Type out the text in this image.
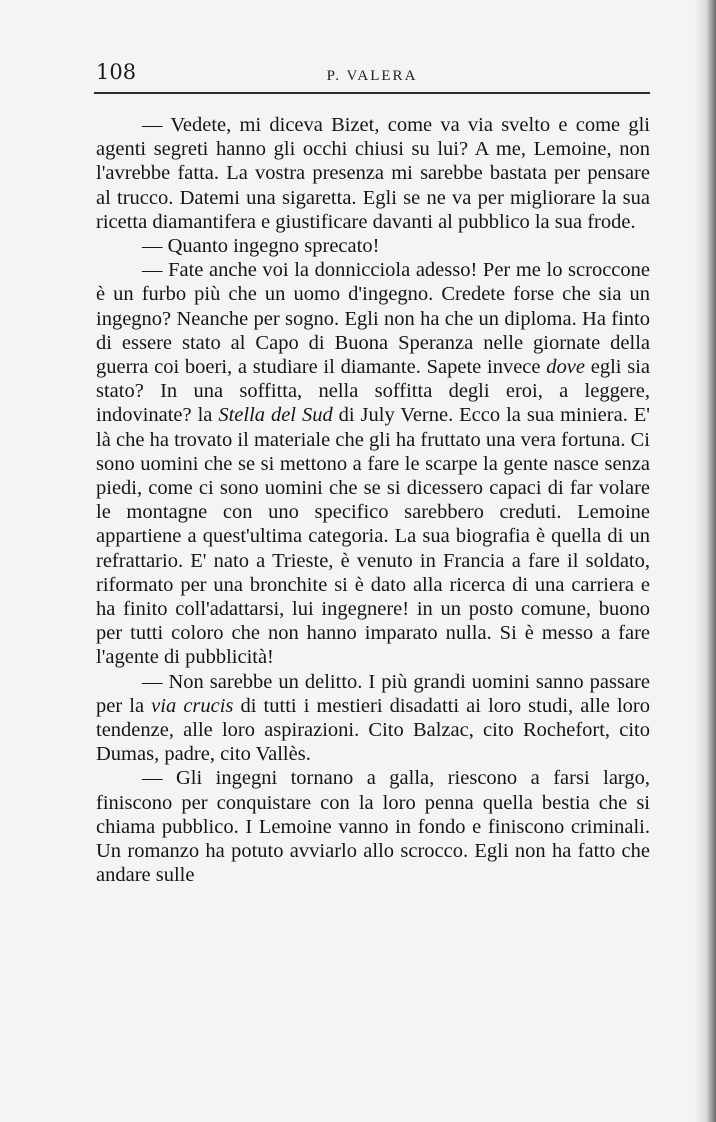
108	P. VALERA

— Vedete, mi diceva Bizet, come va via svelto e come gli agenti segreti hanno gli occhi chiusi su lui? A me, Lemoine, non l'avrebbe fatta. La vostra presenza mi sarebbe bastata per pensare al trucco. Datemi una sigaretta. Egli se ne va per migliorare la sua ricetta diamantifera e giustificare davanti al pubblico la sua frode.

— Quanto ingegno sprecato!

— Fate anche voi la donnicciola adesso! Per me lo scroccone è un furbo più che un uomo d'ingegno. Credete forse che sia un ingegno? Neanche per sogno. Egli non ha che un diploma. Ha finto di essere stato al Capo di Buona Speranza nelle giornate della guerra coi boeri, a studiare il diamante. Sapete invece dove egli sia stato? In una soffitta, nella soffitta degli eroi, a leggere, indovinate? la Stella del Sud di July Verne. Ecco la sua miniera. E' là che ha trovato il materiale che gli ha fruttato una vera fortuna. Ci sono uomini che se si mettono a fare le scarpe la gente nasce senza piedi, come ci sono uomini che se si dicessero capaci di far volare le montagne con uno specifico sarebbero creduti. Lemoine appartiene a quest'ultima categoria. La sua biografia è quella di un refrattario. E' nato a Trieste, è venuto in Francia a fare il soldato, riformato per una bronchite si è dato alla ricerca di una carriera e ha finito coll'adattarsi, lui ingegnere! in un posto comune, buono per tutti coloro che non hanno imparato nulla. Si è messo a fare l'agente di pubblicità!

— Non sarebbe un delitto. I più grandi uomini sanno passare per la via crucis di tutti i mestieri disadatti ai loro studi, alle loro tendenze, alle loro aspirazioni. Cito Balzac, cito Rochefort, cito Dumas, padre, cito Vallès.

— Gli ingegni tornano a galla, riescono a farsi largo, finiscono per conquistare con la loro penna quella bestia che si chiama pubblico. I Lemoine vanno in fondo e finiscono criminali. Un romanzo ha potuto avviarlo allo scrocco. Egli non ha fatto che andare sulle
